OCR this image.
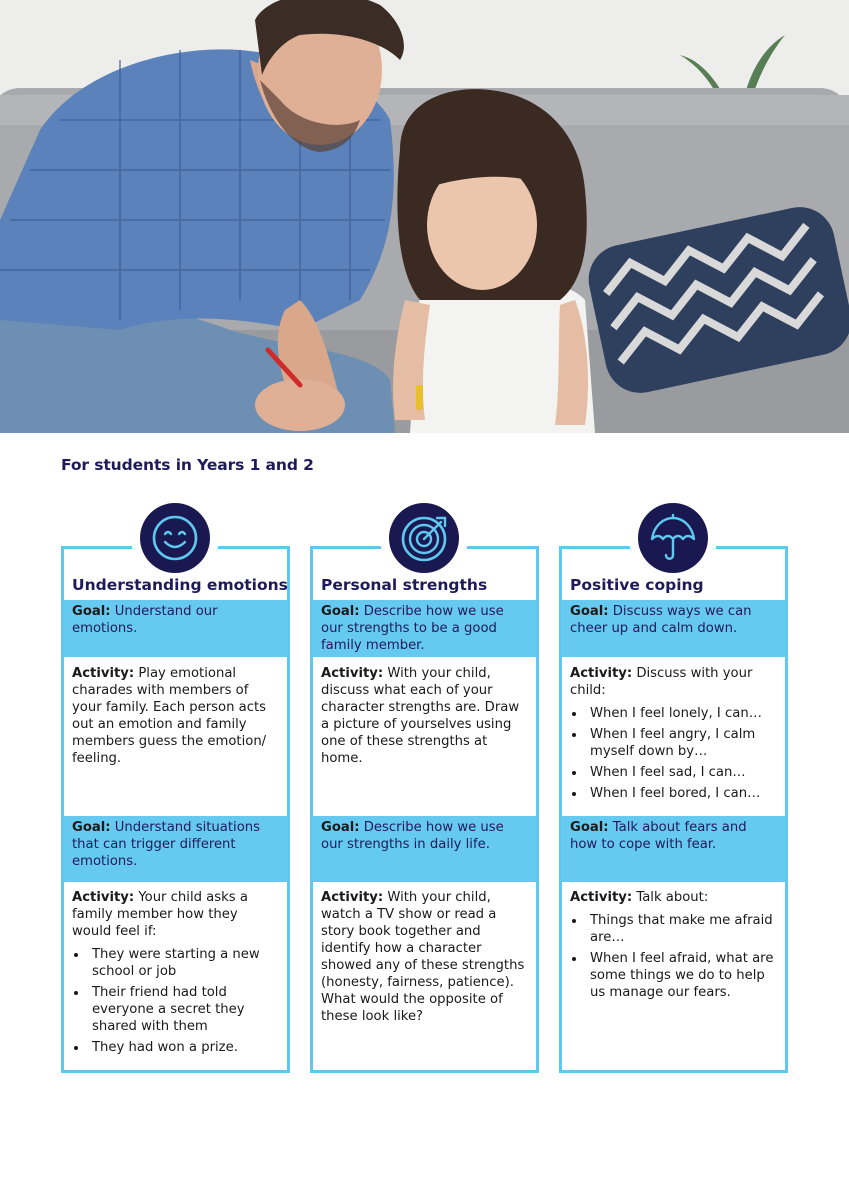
For students in Years 1 and 2
Understanding emotions
Goal: Understand our emotions.
Activity: Play emotional charades with members of your family. Each person acts out an emotion and family members guess the emotion/ feeling.
Goal: Understand situations that can trigger different emotions.
Activity: Your child asks a family member how they would feel if:
They were starting a new school or job
Their friend had told everyone a secret they shared with them
They had won a prize.
Personal strengths
Goal: Describe how we use our strengths to be a good family member.
Activity: With your child, discuss what each of your character strengths are. Draw a picture of yourselves using one of these strengths at home.
Goal: Describe how we use our strengths in daily life.
Activity: With your child, watch a TV show or read a story book together and identify how a character showed any of these strengths (honesty, fairness, patience). What would the opposite of these look like?
Positive coping
Goal: Discuss ways we can cheer up and calm down.
Activity: Discuss with your child:
When I feel lonely, I can…
When I feel angry, I calm myself down by…
When I feel sad, I can…
When I feel bored, I can…
Goal: Talk about fears and how to cope with fear.
Activity: Talk about:
Things that make me afraid are…
When I feel afraid, what are some things we do to help us manage our fears.
